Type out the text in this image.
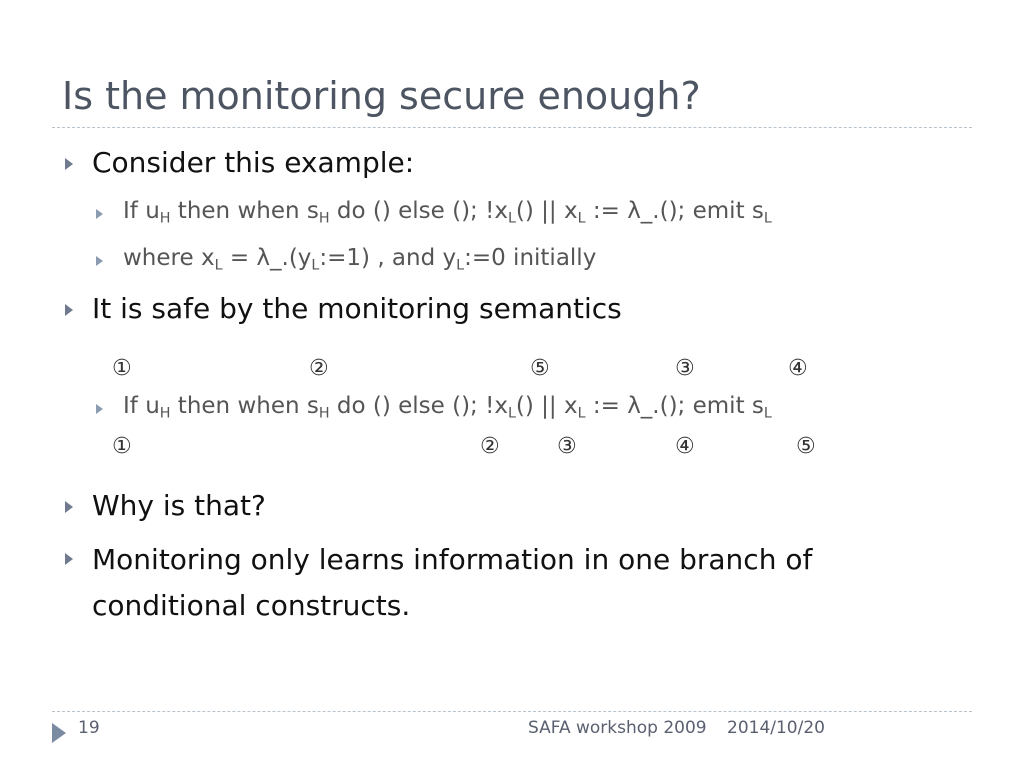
Is the monitoring secure enough?
Consider this example:
If $u_H$ then when $s_H$ do () else (); $!x_L()$ || $x_L$ := λ_.(); emit $s_L$
where $x_L$ = $\lambda\_.(y_L:=1)$ , and $y_L:=0$ initially
It is safe by the monitoring semantics
①	②	⑤	③	④
If $u_H$ then when $s_H$ do () else (); $!x_L()$ || $x_L$ := λ_.(); emit $s_L$
①	②	③	④	⑤
Why is that?
Monitoring only learns information in one branch of conditional constructs.
19	SAFA workshop 2009 2014/10/20
